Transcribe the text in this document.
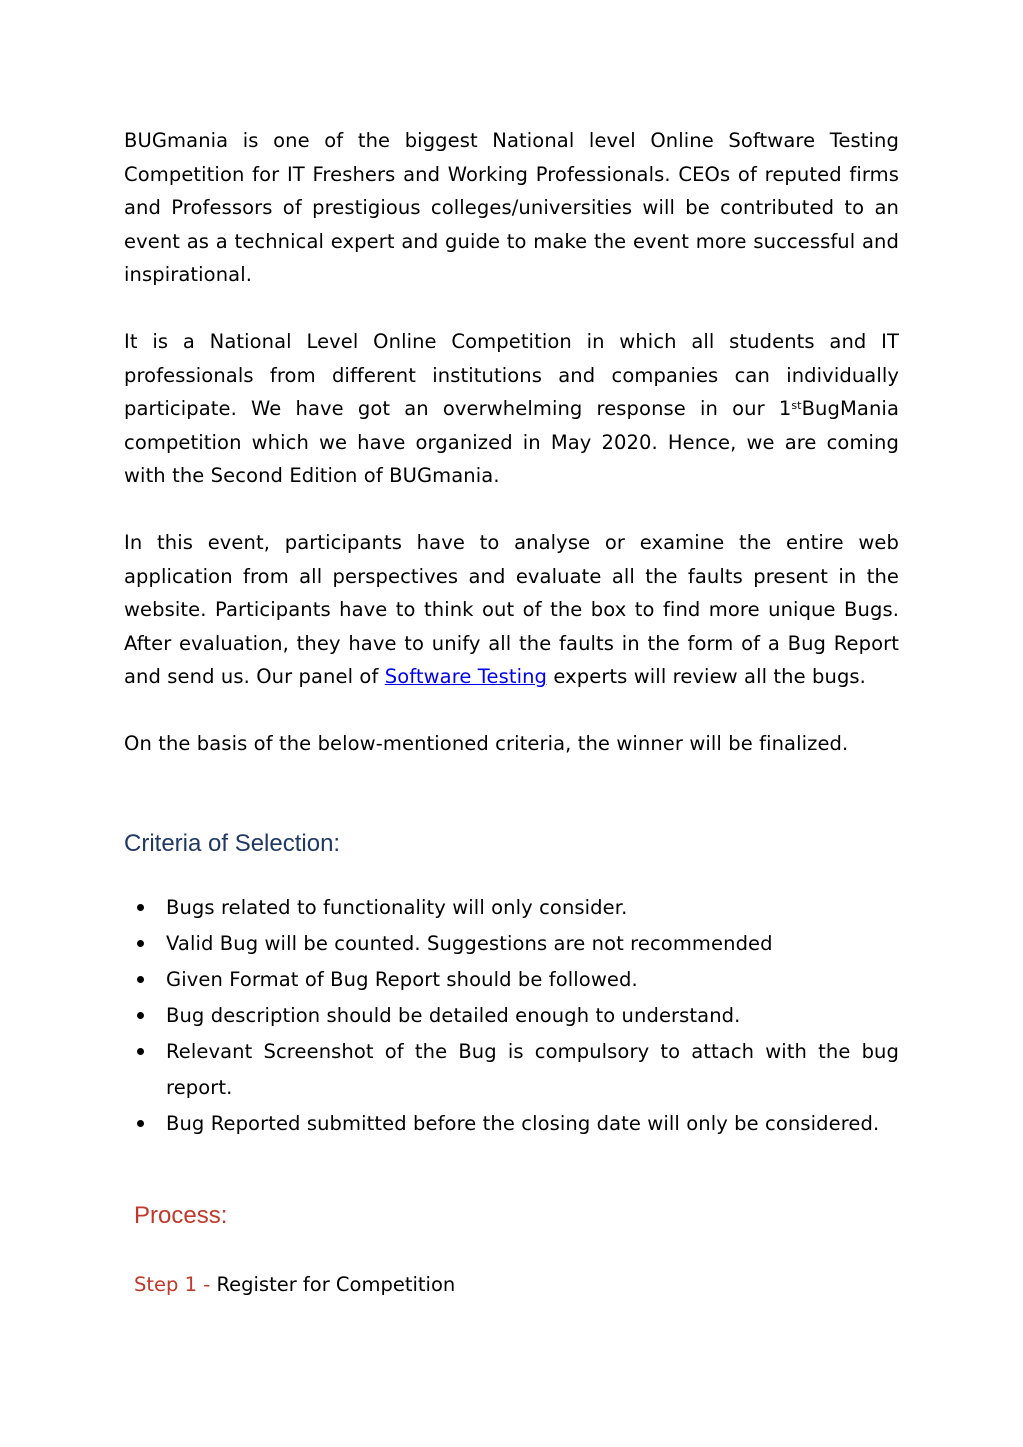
BUGmania is one of the biggest National level Online Software Testing Competition for IT Freshers and Working Professionals. CEOs of reputed firms and Professors of prestigious colleges/universities will be contributed to an event as a technical expert and guide to make the event more successful and inspirational.

It is a National Level Online Competition in which all students and IT professionals from different institutions and companies can individually participate. We have got an overwhelming response in our 1stBugMania competition which we have organized in May 2020. Hence, we are coming with the Second Edition of BUGmania.

In this event, participants have to analyse or examine the entire web application from all perspectives and evaluate all the faults present in the website. Participants have to think out of the box to find more unique Bugs. After evaluation, they have to unify all the faults in the form of a Bug Report and send us. Our panel of Software Testing experts will review all the bugs.

On the basis of the below-mentioned criteria, the winner will be finalized.

Criteria of Selection:
Bugs related to functionality will only consider.
Valid Bug will be counted. Suggestions are not recommended
Given Format of Bug Report should be followed.
Bug description should be detailed enough to understand.
Relevant Screenshot of the Bug is compulsory to attach with the bug report.
Bug Reported submitted before the closing date will only be considered.
Process:
Step 1 - Register for Competition
